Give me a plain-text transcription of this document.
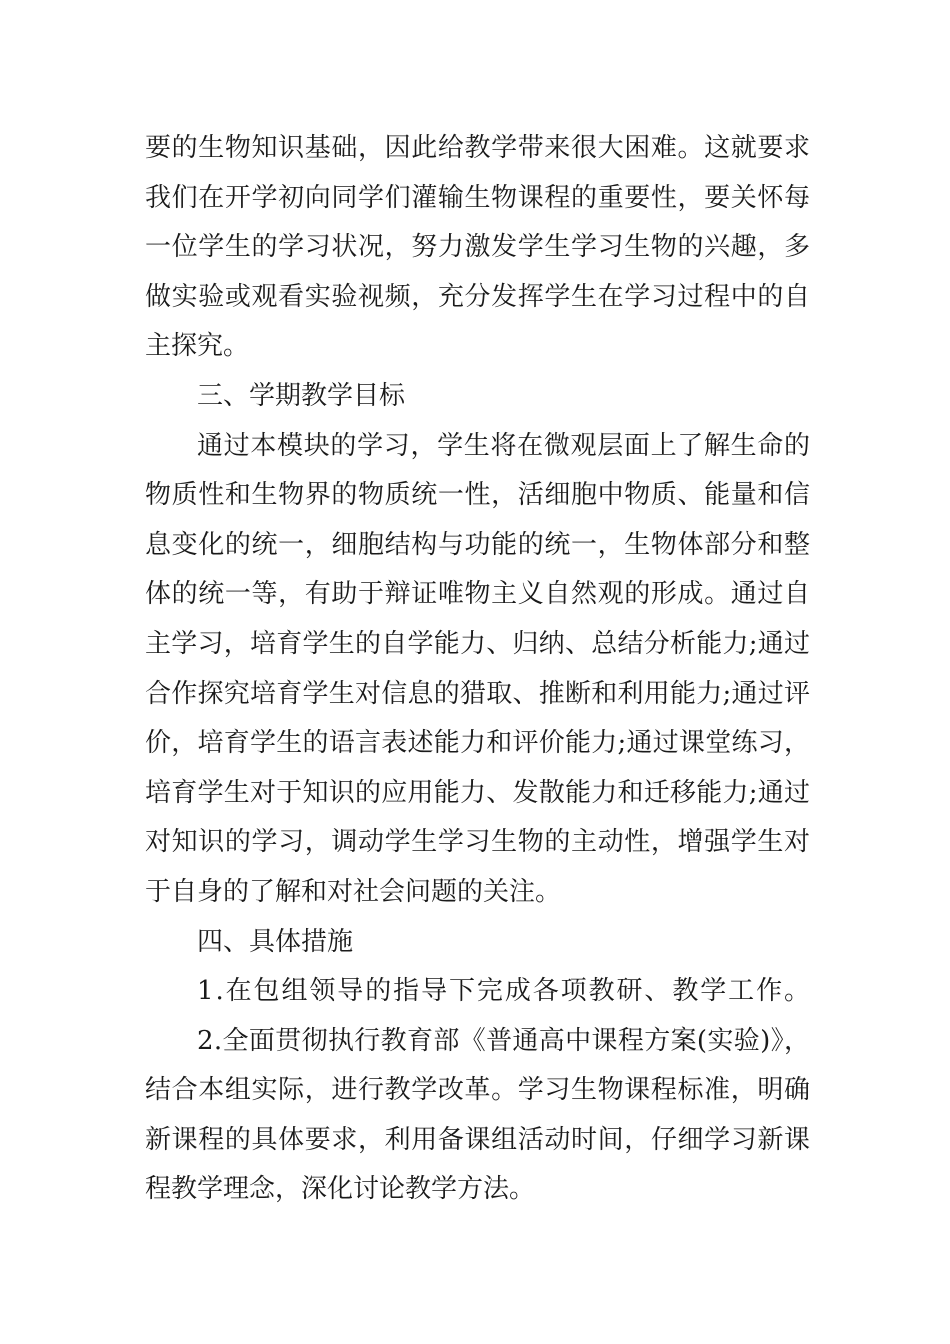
要的生物知识基础，因此给教学带来很大困难。这就要求
我们在开学初向同学们灌输生物课程的重要性，要关怀每
一位学生的学习状况，努力激发学生学习生物的兴趣，多
做实验或观看实验视频，充分发挥学生在学习过程中的自
主探究。
三、学期教学目标
通过本模块的学习，学生将在微观层面上了解生命的
物质性和生物界的物质统一性，活细胞中物质、能量和信
息变化的统一，细胞结构与功能的统一，生物体部分和整
体的统一等，有助于辩证唯物主义自然观的形成。通过自
主学习，培育学生的自学能力、归纳、总结分析能力;通过
合作探究培育学生对信息的猎取、推断和利用能力;通过评
价，培育学生的语言表述能力和评价能力;通过课堂练习，
培育学生对于知识的应用能力、发散能力和迁移能力;通过
对知识的学习，调动学生学习生物的主动性，增强学生对
于自身的了解和对社会问题的关注。
四、具体措施
1.在包组领导的指导下完成各项教研、教学工作。
2.全面贯彻执行教育部《普通高中课程方案(实验)》，
结合本组实际，进行教学改革。学习生物课程标准，明确
新课程的具体要求，利用备课组活动时间，仔细学习新课
程教学理念，深化讨论教学方法。
